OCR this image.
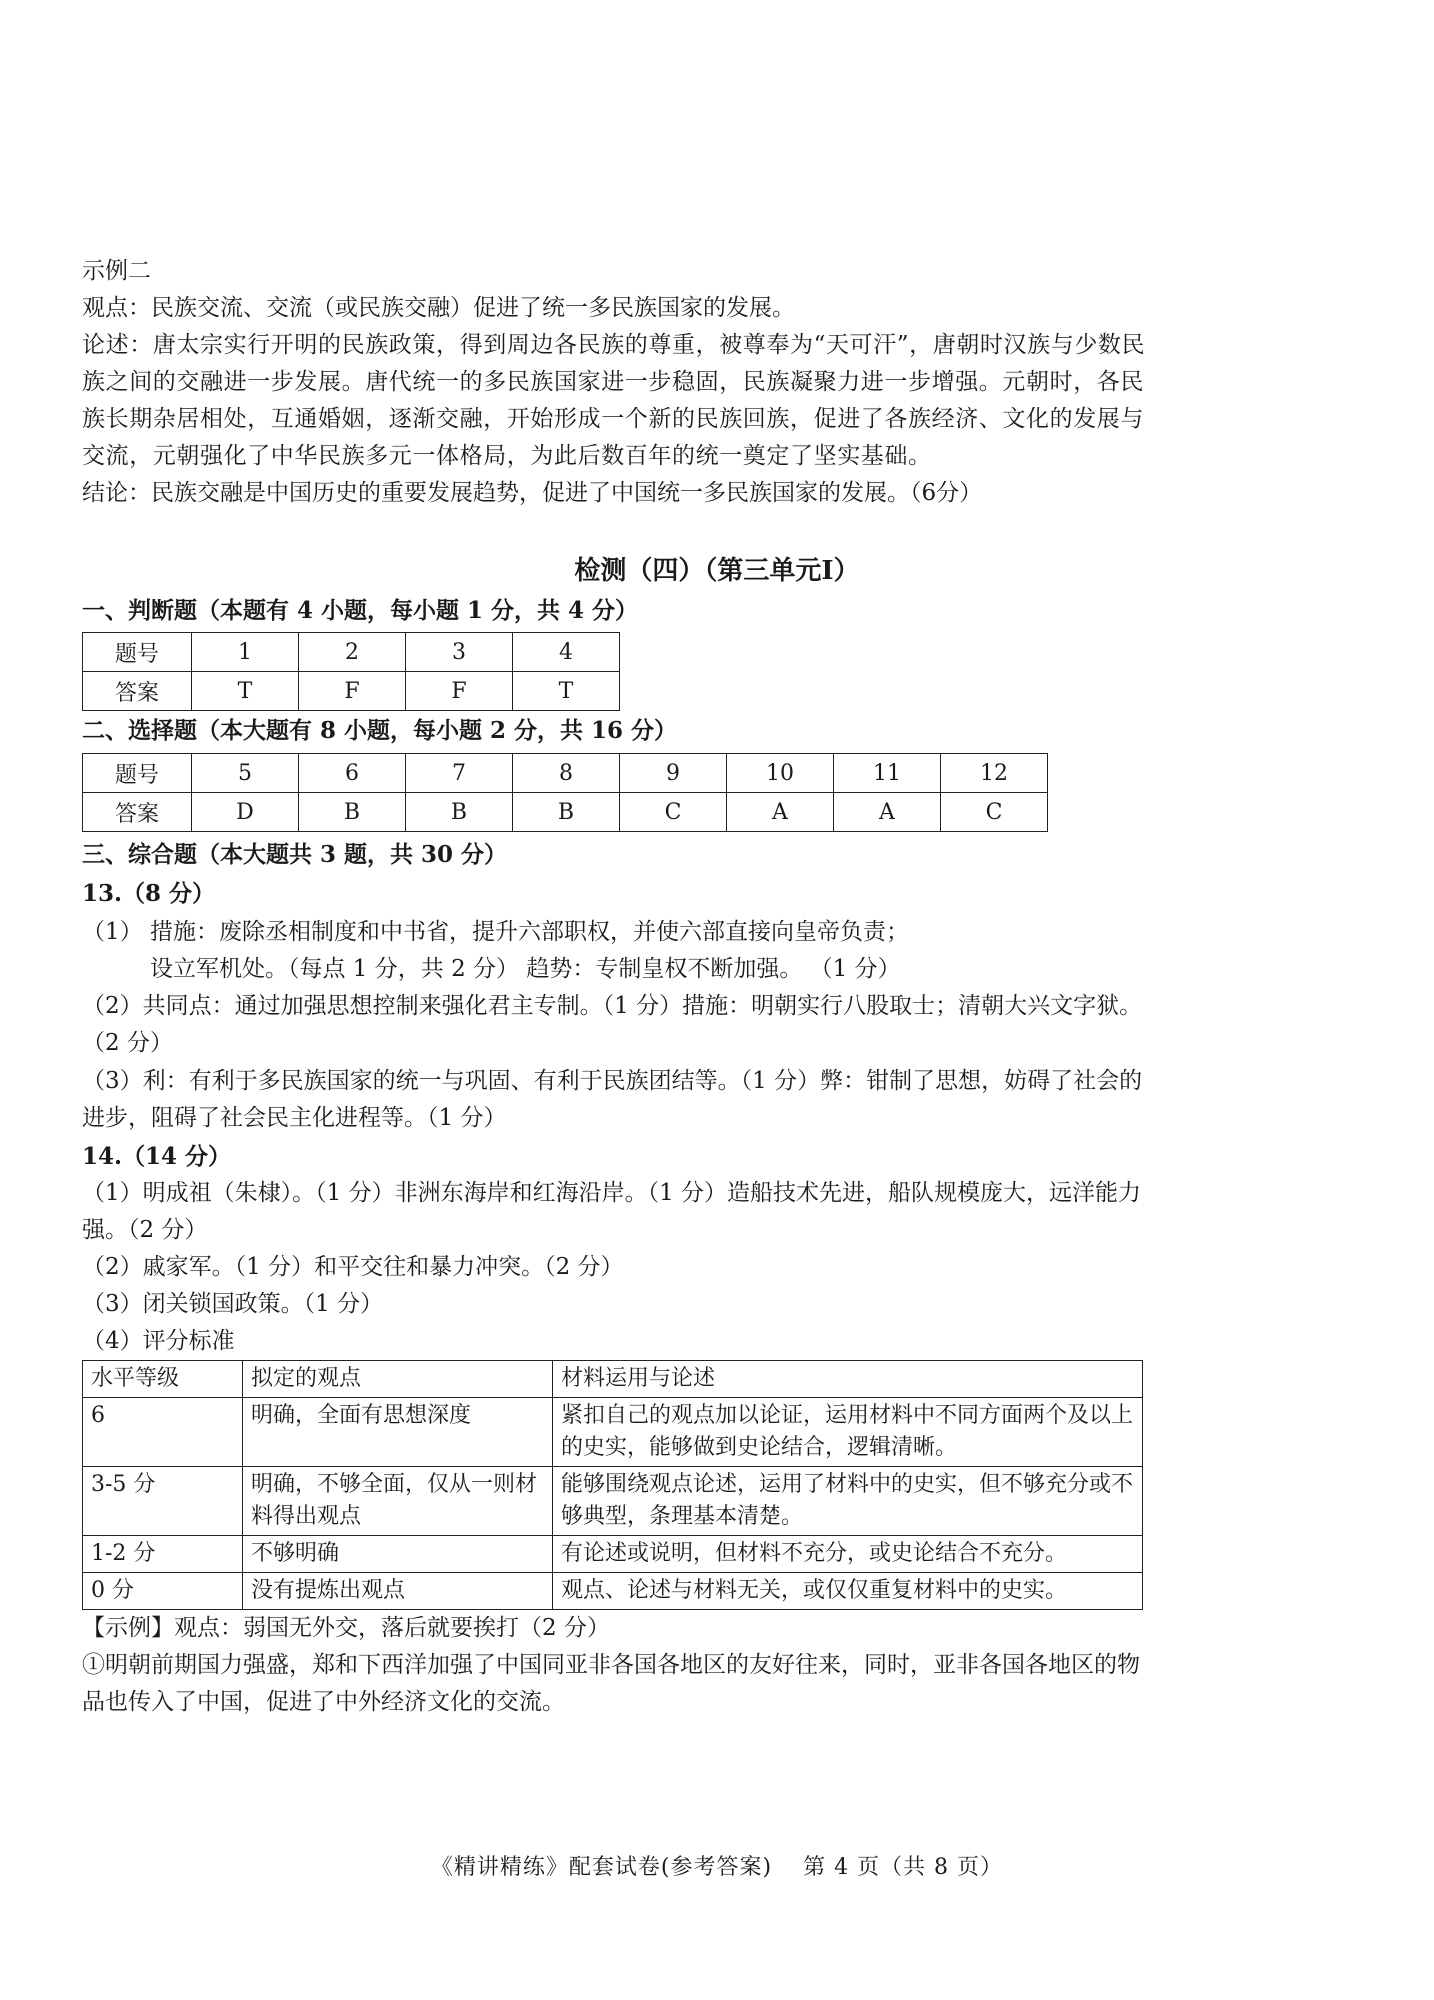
示例二

观点：民族交流、交流（或民族交融）促进了统一多民族国家的发展。

论述：唐太宗实行开明的民族政策，得到周边各民族的尊重，被尊奉为“天可汗”，唐朝时汉族与少数民族之间的交融进一步发展。唐代统一的多民族国家进一步稳固，民族凝聚力进一步增强。元朝时，各民族长期杂居相处，互通婚姻，逐渐交融，开始形成一个新的民族回族，促进了各族经济、文化的发展与交流，元朝强化了中华民族多元一体格局，为此后数百年的统一奠定了坚实基础。

结论：民族交融是中国历史的重要发展趋势，促进了中国统一多民族国家的发展。（6分）

检测（四）（第三单元Ⅰ）

一、判断题（本题有 4 小题，每小题 1 分，共 4 分）

题号	1	2	3	4
答案	T	F	F	T

二、选择题（本大题有 8 小题，每小题 2 分，共 16 分）

题号	5	6	7	8	9	10	11	12
答案	D	B	B	B	C	A	A	C

三、综合题（本大题共 3 题，共 30 分）

13.（8 分）

（1） 措施：废除丞相制度和中书省，提升六部职权，并使六部直接向皇帝负责；

设立军机处。（每点 1 分，共 2 分） 趋势：专制皇权不断加强。 （1 分）

（2）共同点：通过加强思想控制来强化君主专制。（1 分）措施：明朝实行八股取士；清朝大兴文字狱。（2 分）

（3）利：有利于多民族国家的统一与巩固、有利于民族团结等。（1 分）弊：钳制了思想，妨碍了社会的进步，阻碍了社会民主化进程等。（1 分）

14.（14 分）

（1）明成祖（朱棣）。（1 分）非洲东海岸和红海沿岸。（1 分）造船技术先进，船队规模庞大，远洋能力强。（2 分）

（2）戚家军。（1 分）和平交往和暴力冲突。（2 分）

（3）闭关锁国政策。（1 分）

（4）评分标准

水平等级	拟定的观点	材料运用与论述
6	明确，全面有思想深度	紧扣自己的观点加以论证，运用材料中不同方面两个及以上的史实，能够做到史论结合，逻辑清晰。
3-5 分	明确，不够全面，仅从一则材料得出观点	能够围绕观点论述，运用了材料中的史实，但不够充分或不够典型，条理基本清楚。
1-2 分	不够明确	有论述或说明，但材料不充分，或史论结合不充分。
0 分	没有提炼出观点	观点、论述与材料无关，或仅仅重复材料中的史实。

【示例】观点：弱国无外交，落后就要挨打（2 分）

①明朝前期国力强盛，郑和下西洋加强了中国同亚非各国各地区的友好往来，同时，亚非各国各地区的物品也传入了中国，促进了中外经济文化的交流。

《精讲精练》配套试卷(参考答案)　 第 4 页（共 8 页）
